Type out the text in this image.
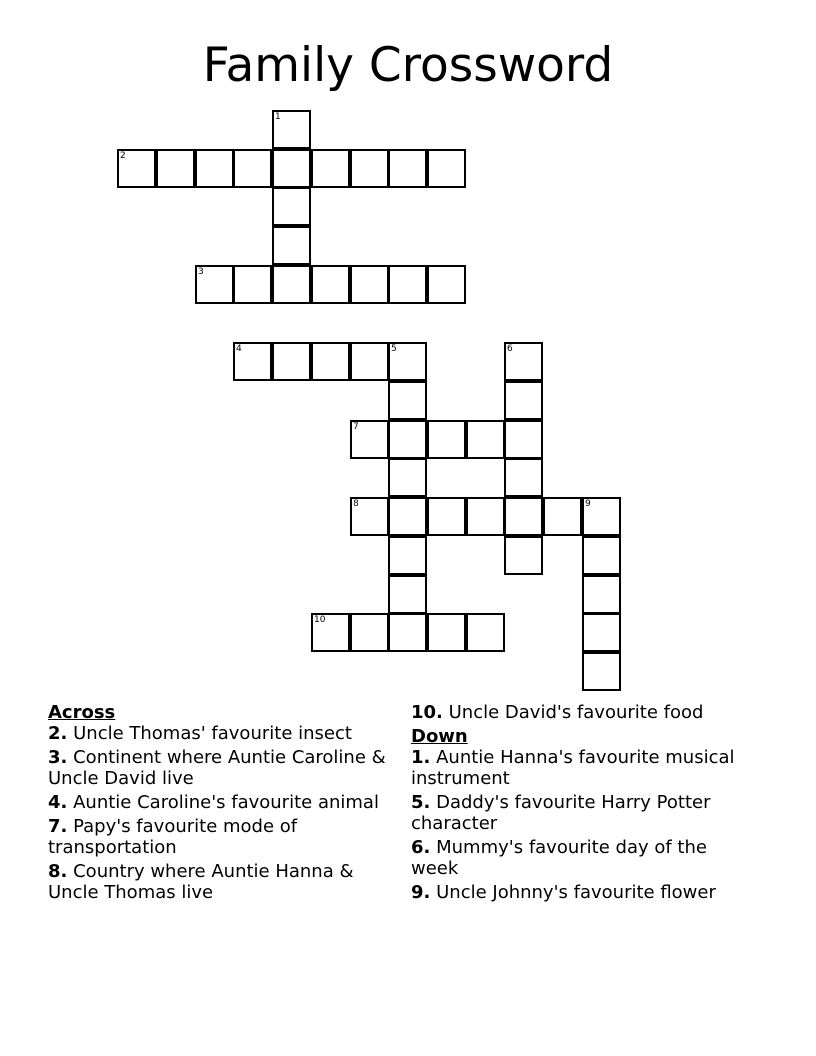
Family Crossword
1
2
3
4	5	6
7
8	9
10

Across

2. Uncle Thomas' favourite insect

3. Continent where Auntie Caroline & Uncle David live

4. Auntie Caroline's favourite animal

7. Papy's favourite mode of transportation

8. Country where Auntie Hanna & Uncle Thomas live

10. Uncle David's favourite food

Down

1. Auntie Hanna's favourite musical instrument

5. Daddy's favourite Harry Potter character

6. Mummy's favourite day of the week

9. Uncle Johnny's favourite flower
